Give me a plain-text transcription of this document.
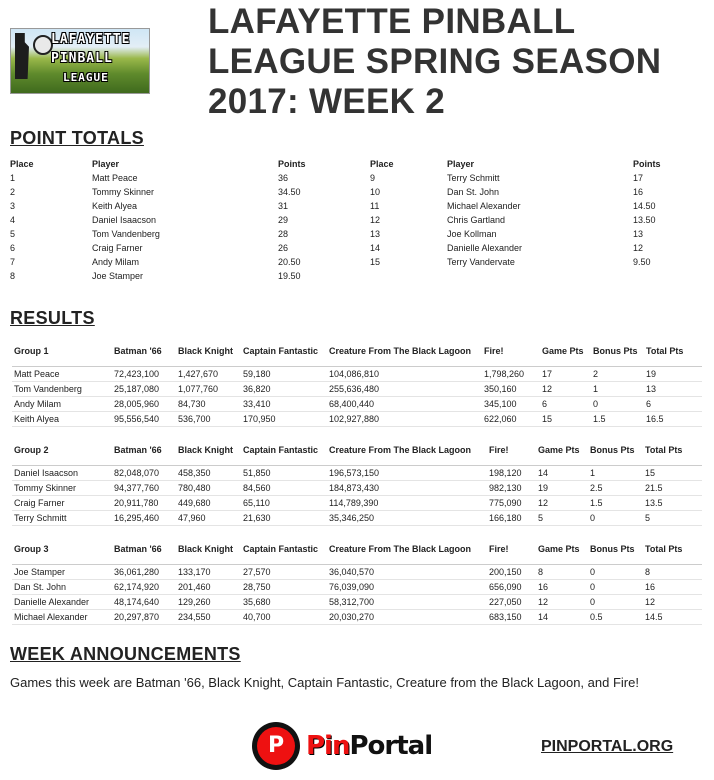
LAFAYETTE
PINBALL
LEAGUE
LAFAYETTE PINBALL LEAGUE SPRING SEASON 2017: WEEK 2
POINT TOTALS
Place	Player	Points
1	Matt Peace	36
2	Tommy Skinner	34.50
3	Keith Alyea	31
4	Daniel Isaacson	29
5	Tom Vandenberg	28
6	Craig Farner	26
7	Andy Milam	20.50
8	Joe Stamper	19.50
Place	Player	Points
9	Terry Schmitt	17
10	Dan St. John	16
11	Michael Alexander	14.50
12	Chris Gartland	13.50
13	Joe Kollman	13
14	Danielle Alexander	12
15	Terry Vandervate	9.50
RESULTS
Group 1	Batman '66	Black Knight	Captain Fantastic	Creature From The Black Lagoon	Fire!	Game Pts	Bonus Pts	Total Pts
Matt Peace	72,423,100	1,427,670	59,180	104,086,810	1,798,260	17	2	19
Tom Vandenberg	25,187,080	1,077,760	36,820	255,636,480	350,160	12	1	13
Andy Milam	28,005,960	84,730	33,410	68,400,440	345,100	6	0	6
Keith Alyea	95,556,540	536,700	170,950	102,927,880	622,060	15	1.5	16.5
Group 2	Batman '66	Black Knight	Captain Fantastic	Creature From The Black Lagoon	Fire!	Game Pts	Bonus Pts	Total Pts
Daniel Isaacson	82,048,070	458,350	51,850	196,573,150	198,120	14	1	15
Tommy Skinner	94,377,760	780,480	84,560	184,873,430	982,130	19	2.5	21.5
Craig Farner	20,911,780	449,680	65,110	114,789,390	775,090	12	1.5	13.5
Terry Schmitt	16,295,460	47,960	21,630	35,346,250	166,180	5	0	5
Group 3	Batman '66	Black Knight	Captain Fantastic	Creature From The Black Lagoon	Fire!	Game Pts	Bonus Pts	Total Pts
Joe Stamper	36,061,280	133,170	27,570	36,040,570	200,150	8	0	8
Dan St. John	62,174,920	201,460	28,750	76,039,090	656,090	16	0	16
Danielle Alexander	48,174,640	129,260	35,680	58,312,700	227,050	12	0	12
Michael Alexander	20,297,870	234,550	40,700	20,030,270	683,150	14	0.5	14.5
WEEK ANNOUNCEMENTS

Games this week are Batman '66, Black Knight, Captain Fantastic, Creature from the Black Lagoon, and Fire!

P PinPortal	PINPORTAL.ORG
